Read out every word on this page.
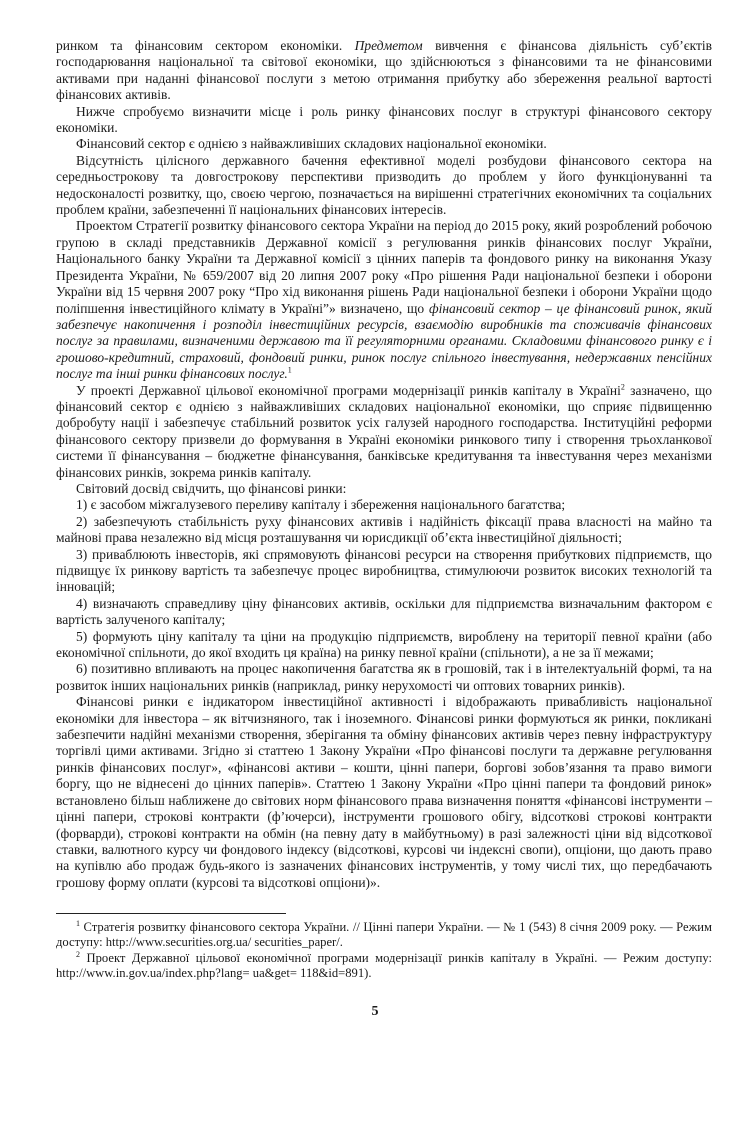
ринком та фінансовим сектором економіки. Предметом вивчення є фінансова діяльність суб’єктів господарювання національної та світової економіки, що здійснюються з фінансовими та не фінансовими активами при наданні фінансової послуги з метою отримання прибутку або збереження реальної вартості фінансових активів.

Нижче спробуємо визначити місце і роль ринку фінансових послуг в структурі фінансового сектору економіки.

Фінансовий сектор є однією з найважливіших складових національної економіки.

Відсутність цілісного державного бачення ефективної моделі розбудови фінансового сектора на середньострокову та довгострокову перспективи призводить до проблем у його функціонуванні та недосконалості розвитку, що, своєю чергою, позначається на вирішенні стратегічних економічних та соціальних проблем країни, забезпеченні її національних фінансових інтересів.

Проектом Стратегії розвитку фінансового сектора України на період до 2015 року, який розроблений робочою групою в складі представників Державної комісії з регулювання ринків фінансових послуг України, Національного банку України та Державної комісії з цінних паперів та фондового ринку на виконання Указу Президента України, № 659/2007 від 20 липня 2007 року «Про рішення Ради національної безпеки і оборони України від 15 червня 2007 року “Про хід виконання рішень Ради національної безпеки і оборони України щодо поліпшення інвестиційного клімату в Україні”» визначено, що фінансовий сектор – це фінансовий ринок, який забезпечує накопичення і розподіл інвестиційних ресурсів, взаємодію виробників та споживачів фінансових послуг за правилами, визначеними державою та її регуляторними органами. Складовими фінансового ринку є і грошово-кредитний, страховий, фондовий ринки, ринок послуг спільного інвестування, недержавних пенсійних послуг та інші ринки фінансових послуг.$^1$

У проекті Державної цільової економічної програми модернізації ринків капіталу в Україні$^2$ зазначено, що фінансовий сектор є однією з найважливіших складових національної економіки, що сприяє підвищенню добробуту нації і забезпечує стабільний розвиток усіх галузей народного господарства. Інституційні реформи фінансового сектору призвели до формування в Україні економіки ринкового типу і створення трьохланкової системи її фінансування – бюджетне фінансування, банківське кредитування та інвестування через механізми фінансових ринків, зокрема ринків капіталу.

Світовий досвід свідчить, що фінансові ринки:

1) є засобом міжгалузевого переливу капіталу і збереження національного багатства;

2) забезпечують стабільність руху фінансових активів і надійність фіксації права власності на майно та майнові права незалежно від місця розташування чи юрисдикції об’єкта інвестиційної діяльності;

3) приваблюють інвесторів, які спрямовують фінансові ресурси на створення прибуткових підприємств, що підвищує їх ринкову вартість та забезпечує процес виробництва, стимулюючи розвиток високих технологій та інновацій;

4) визначають справедливу ціну фінансових активів, оскільки для підприємства визначальним фактором є вартість залученого капіталу;

5) формують ціну капіталу та ціни на продукцію підприємств, вироблену на території певної країни (або економічної спільноти, до якої входить ця країна) на ринку певної країни (спільноти), а не за її межами;

6) позитивно впливають на процес накопичення багатства як в грошовій, так і в інтелектуальній формі, та на розвиток інших національних ринків (наприклад, ринку нерухомості чи оптових товарних ринків).

Фінансові ринки є індикатором інвестиційної активності і відображають привабливість національної економіки для інвестора – як вітчизняного, так і іноземного. Фінансові ринки формуються як ринки, покликані забезпечити надійні механізми створення, зберігання та обміну фінансових активів через певну інфраструктуру торгівлі цими активами. Згідно зі статтею 1 Закону України «Про фінансові послуги та державне регулювання ринків фінансових послуг», «фінансові активи – кошти, цінні папери, боргові зобов’язання та право вимоги боргу, що не віднесені до цінних паперів». Статтею 1 Закону України «Про цінні папери та фондовий ринок» встановлено більш наближене до світових норм фінансового права визначення поняття «фінансові інструменти – цінні папери, строкові контракти (ф’ючерси), інструменти грошового обігу, відсоткові строкові контракти (форварди), строкові контракти на обмін (на певну дату в майбутньому) в разі залежності ціни від відсоткової ставки, валютного курсу чи фондового індексу (відсоткові, курсові чи індексні свопи), опціони, що дають право на купівлю або продаж будь-якого із зазначених фінансових інструментів, у тому числі тих, що передбачають грошову форму оплати (курсові та відсоткові опціони)».

$^1$ Стратегія розвитку фінансового сектора України. // Цінні папери України. — № 1 (543) 8 січня 2009 року. — Режим доступу: http://www.securities.org.ua/ securities_paper/.

$^2$ Проект Державної цільової економічної програми модернізації ринків капіталу в Україні. — Режим доступу: http://www.in.gov.ua/index.php?lang= ua&get= 118&id=891).

5
